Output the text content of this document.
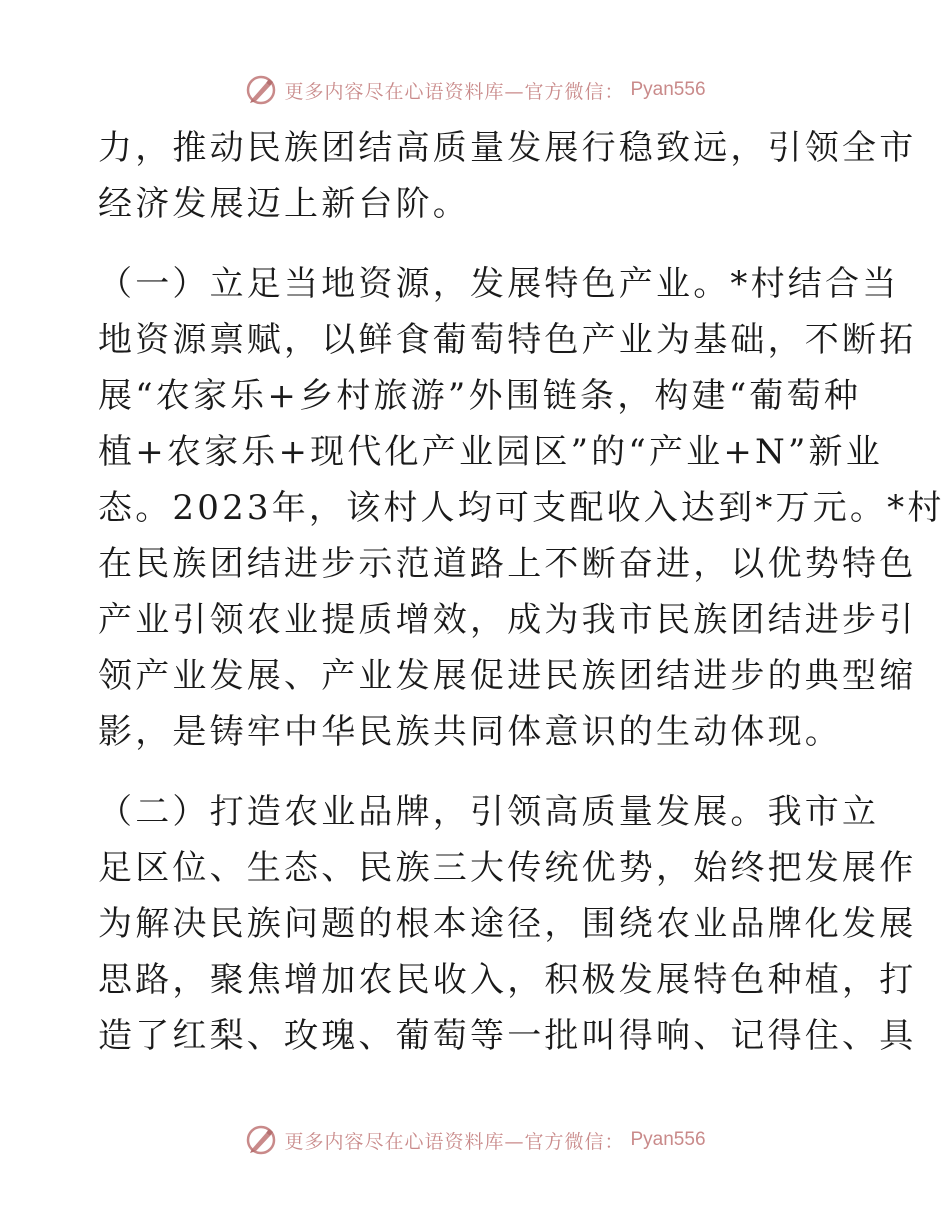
更多内容尽在心语资料库—官方微信： Pyan556
力，推动民族团结高质量发展行稳致远，引领全市
经济发展迈上新台阶。
（一）立足当地资源，发展特色产业。*村结合当
地资源禀赋，以鲜食葡萄特色产业为基础，不断拓
展“农家乐+乡村旅游”外围链条，构建“葡萄种
植+农家乐+现代化产业园区”的“产业+N”新业
态。2023年，该村人均可支配收入达到*万元。*村
在民族团结进步示范道路上不断奋进，以优势特色
产业引领农业提质增效，成为我市民族团结进步引
领产业发展、产业发展促进民族团结进步的典型缩
影，是铸牢中华民族共同体意识的生动体现。
（二）打造农业品牌，引领高质量发展。我市立
足区位、生态、民族三大传统优势，始终把发展作
为解决民族问题的根本途径，围绕农业品牌化发展
思路，聚焦增加农民收入，积极发展特色种植，打
造了红梨、玫瑰、葡萄等一批叫得响、记得住、具
更多内容尽在心语资料库—官方微信： Pyan556
